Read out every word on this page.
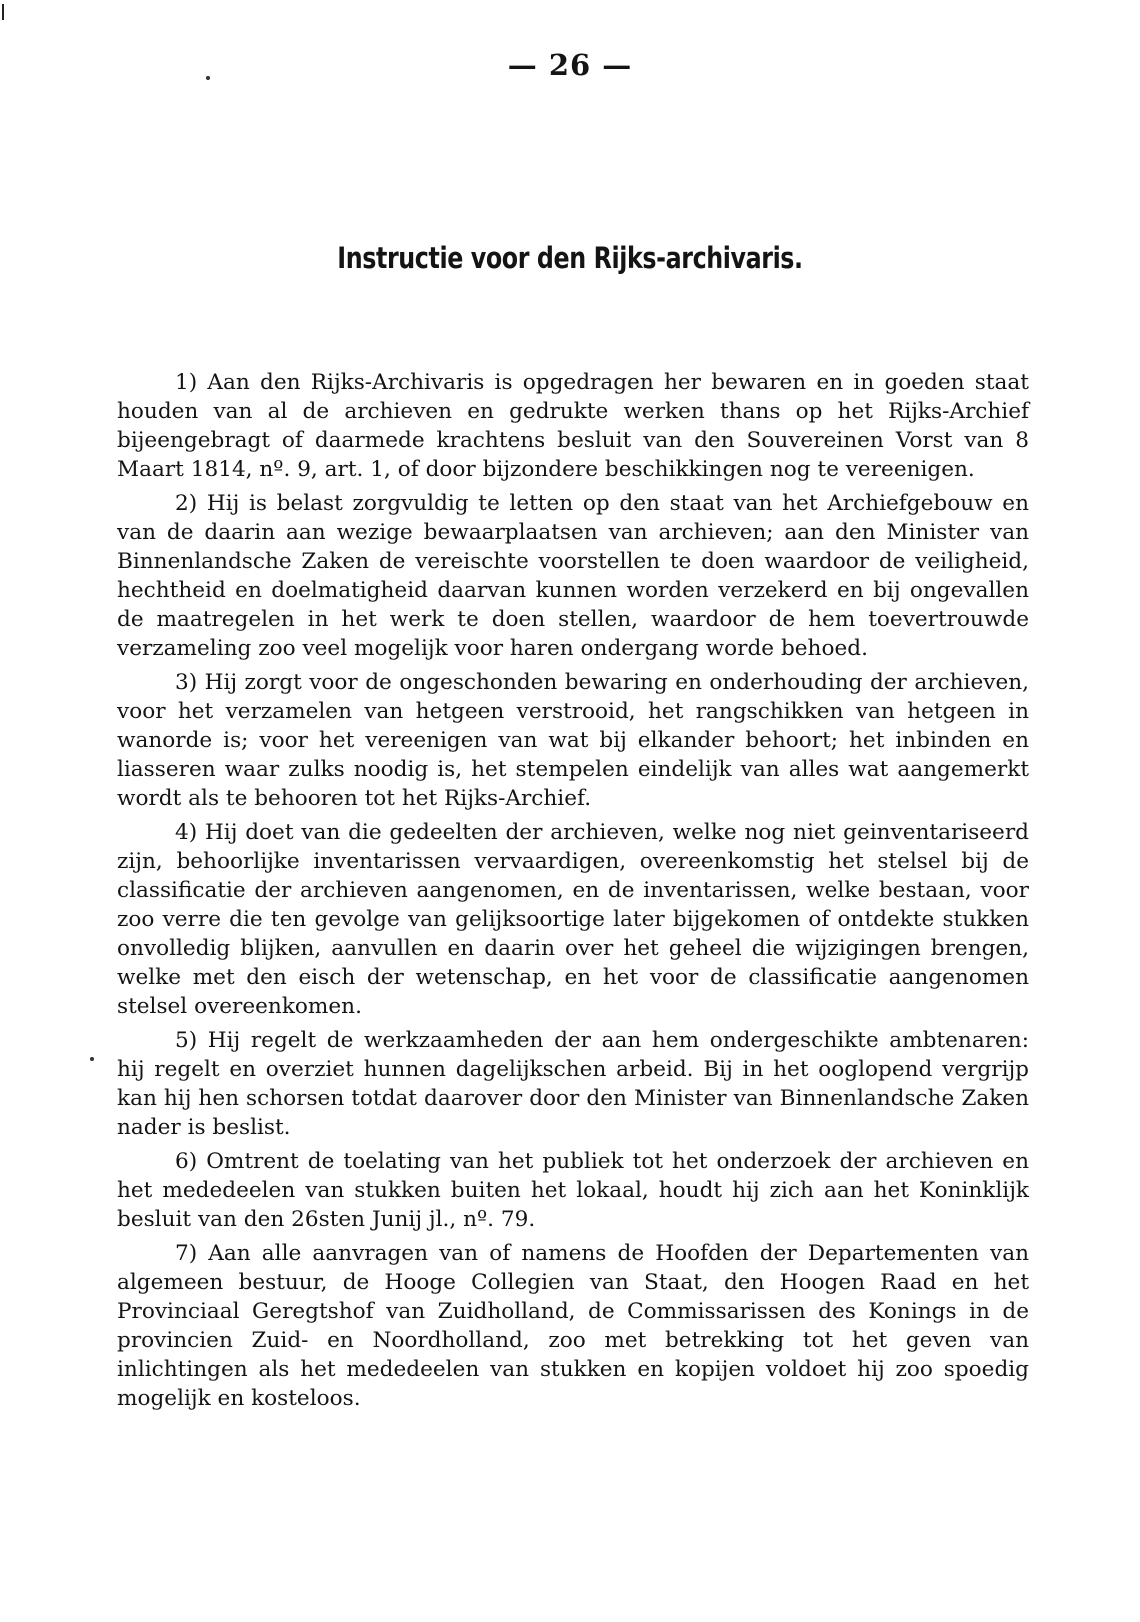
— 26 —
Instructie voor den Rijks-archivaris.

1) Aan den Rijks-Archivaris is opgedragen her bewaren en in goeden staat houden van al de archieven en gedrukte werken thans op het Rijks-Archief bijeengebragt of daarmede krachtens besluit van den Souvereinen Vorst van 8 Maart 1814, nº. 9, art. 1, of door bijzondere beschikkingen nog te vereenigen.

2) Hij is belast zorgvuldig te letten op den staat van het Archiefgebouw en van de daarin aan wezige bewaarplaatsen van archieven; aan den Minister van Binnenlandsche Zaken de vereischte voorstellen te doen waardoor de veiligheid, hechtheid en doelmatigheid daarvan kunnen worden verzekerd en bij ongevallen de maatregelen in het werk te doen stellen, waardoor de hem toevertrouwde verzameling zoo veel mogelijk voor haren ondergang worde behoed.

3) Hij zorgt voor de ongeschonden bewaring en onderhouding der archieven, voor het verzamelen van hetgeen verstrooid, het rangschikken van hetgeen in wanorde is; voor het vereenigen van wat bij elkander behoort; het inbinden en liasseren waar zulks noodig is, het stempelen eindelijk van alles wat aangemerkt wordt als te behooren tot het Rijks-Archief.

4) Hij doet van die gedeelten der archieven, welke nog niet geinventariseerd zijn, behoorlijke inventarissen vervaardigen, overeenkomstig het stelsel bij de classificatie der archieven aangenomen, en de inventarissen, welke bestaan, voor zoo verre die ten gevolge van gelijksoortige later bijgekomen of ontdekte stukken onvolledig blijken, aanvullen en daarin over het geheel die wijzigingen brengen, welke met den eisch der wetenschap, en het voor de classificatie aangenomen stelsel overeenkomen.

5) Hij regelt de werkzaamheden der aan hem ondergeschikte ambtenaren: hij regelt en overziet hunnen dagelijkschen arbeid. Bij in het ooglopend vergrijp kan hij hen schorsen totdat daarover door den Minister van Binnenlandsche Zaken nader is beslist.

6) Omtrent de toelating van het publiek tot het onderzoek der archieven en het mededeelen van stukken buiten het lokaal, houdt hij zich aan het Koninklijk besluit van den 26sten Junij jl., nº. 79.

7) Aan alle aanvragen van of namens de Hoofden der Departementen van algemeen bestuur, de Hooge Collegien van Staat, den Hoogen Raad en het Provinciaal Geregtshof van Zuidholland, de Commissarissen des Konings in de provincien Zuid- en Noordholland, zoo met betrekking tot het geven van inlichtingen als het mededeelen van stukken en kopijen voldoet hij zoo spoedig mogelijk en kosteloos.
